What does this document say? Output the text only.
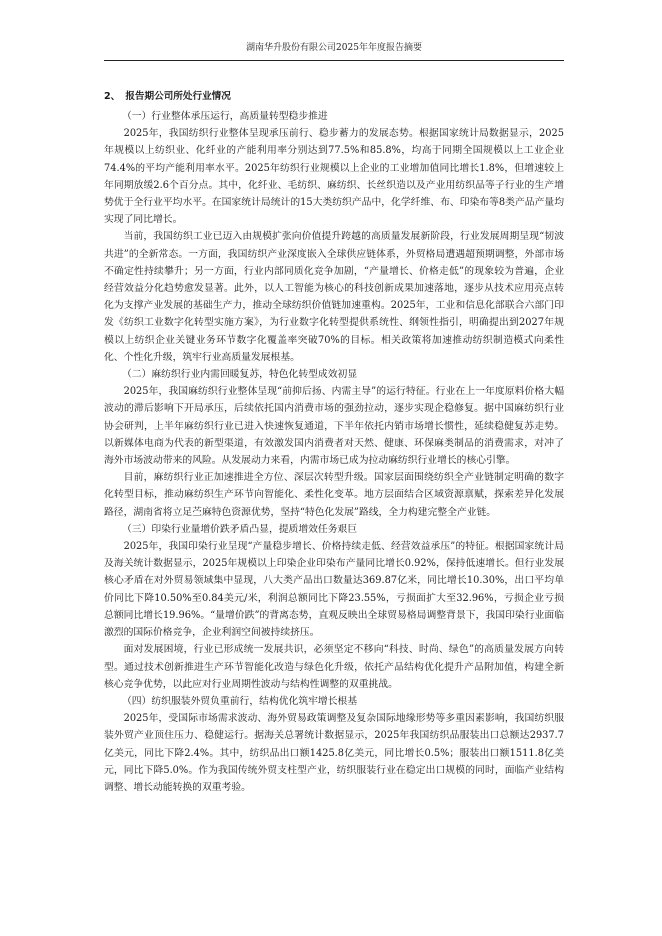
湖南华升股份有限公司2025年年度报告摘要
2、 报告期公司所处行业情况
（一）行业整体承压运行，高质量转型稳步推进

2025年，我国纺织行业整体呈现承压前行、稳步蓄力的发展态势。根据国家统计局数据显示，2025年规模以上纺织业、化纤业的产能利用率分别达到77.5%和85.8%，均高于同期全国规模以上工业企业74.4%的平均产能利用率水平。2025年纺织行业规模以上企业的工业增加值同比增长1.8%，但增速较上年同期放缓2.6个百分点。其中，化纤业、毛纺织、麻纺织、长丝织造以及产业用纺织品等子行业的生产增势优于全行业平均水平。在国家统计局统计的15大类纺织产品中，化学纤维、布、印染布等8类产品产量均实现了同比增长。

当前，我国纺织工业已迈入由规模扩张向价值提升跨越的高质量发展新阶段，行业发展周期呈现“韧波共进”的全新常态。一方面，我国纺织产业深度嵌入全球供应链体系，外贸格局遭遇超预期调整，外部市场不确定性持续攀升；另一方面，行业内部同质化竞争加剧，“产量增长、价格走低”的现象较为普遍，企业经营效益分化趋势愈发显著。此外，以人工智能为核心的科技创新成果加速落地，逐步从技术应用亮点转化为支撑产业发展的基础生产力，推动全球纺织价值链加速重构。2025年，工业和信息化部联合六部门印发《纺织工业数字化转型实施方案》，为行业数字化转型提供系统性、纲领性指引，明确提出到2027年规模以上纺织企业关键业务环节数字化覆盖率突破70%的目标。相关政策将加速推动纺织制造模式向柔性化、个性化升级，筑牢行业高质量发展根基。

（二）麻纺织行业内需回暖复苏，特色化转型成效初显

2025年，我国麻纺织行业整体呈现“前抑后扬、内需主导”的运行特征。行业在上一年度原料价格大幅波动的滞后影响下开局承压，后续依托国内消费市场的强劲拉动，逐步实现企稳修复。据中国麻纺织行业协会研判，上半年麻纺织行业已进入快速恢复通道，下半年依托内销市场增长惯性，延续稳健复苏走势。以新媒体电商为代表的新型渠道，有效激发国内消费者对天然、健康、环保麻类制品的消费需求，对冲了海外市场波动带来的风险。从发展动力来看，内需市场已成为拉动麻纺织行业增长的核心引擎。

目前，麻纺织行业正加速推进全方位、深层次转型升级。国家层面围绕纺织全产业链制定明确的数字化转型目标，推动麻纺织生产环节向智能化、柔性化变革。地方层面结合区域资源禀赋，探索差异化发展路径，湖南省将立足苎麻特色资源优势，坚持“特色化发展”路线，全力构建完整全产业链。

（三）印染行业量增价跌矛盾凸显，提质增效任务艰巨

2025年，我国印染行业呈现“产量稳步增长、价格持续走低、经营效益承压”的特征。根据国家统计局及海关统计数据显示，2025年规模以上印染企业印染布产量同比增长0.92%，保持低速增长。但行业发展核心矛盾在对外贸易领域集中显现，八大类产品出口数量达369.87亿米，同比增长10.30%，出口平均单价同比下降10.50%至0.84美元/米，利润总额同比下降23.55%，亏损面扩大至32.96%，亏损企业亏损总额同比增长19.96%。“量增价跌”的背离态势，直观反映出全球贸易格局调整背景下，我国印染行业面临激烈的国际价格竞争，企业利润空间被持续挤压。

面对发展困境，行业已形成统一发展共识，必须坚定不移向“科技、时尚、绿色”的高质量发展方向转型。通过技术创新推进生产环节智能化改造与绿色化升级，依托产品结构优化提升产品附加值，构建全新核心竞争优势，以此应对行业周期性波动与结构性调整的双重挑战。

（四）纺织服装外贸负重前行，结构优化筑牢增长根基

2025年，受国际市场需求波动、海外贸易政策调整及复杂国际地缘形势等多重因素影响，我国纺织服装外贸产业顶住压力、稳健运行。据海关总署统计数据显示，2025年我国纺织品服装出口总额达2937.7亿美元，同比下降2.4%。其中，纺织品出口额1425.8亿美元，同比增长0.5%；服装出口额1511.8亿美元，同比下降5.0%。作为我国传统外贸支柱型产业，纺织服装行业在稳定出口规模的同时，面临产业结构调整、增长动能转换的双重考验。
